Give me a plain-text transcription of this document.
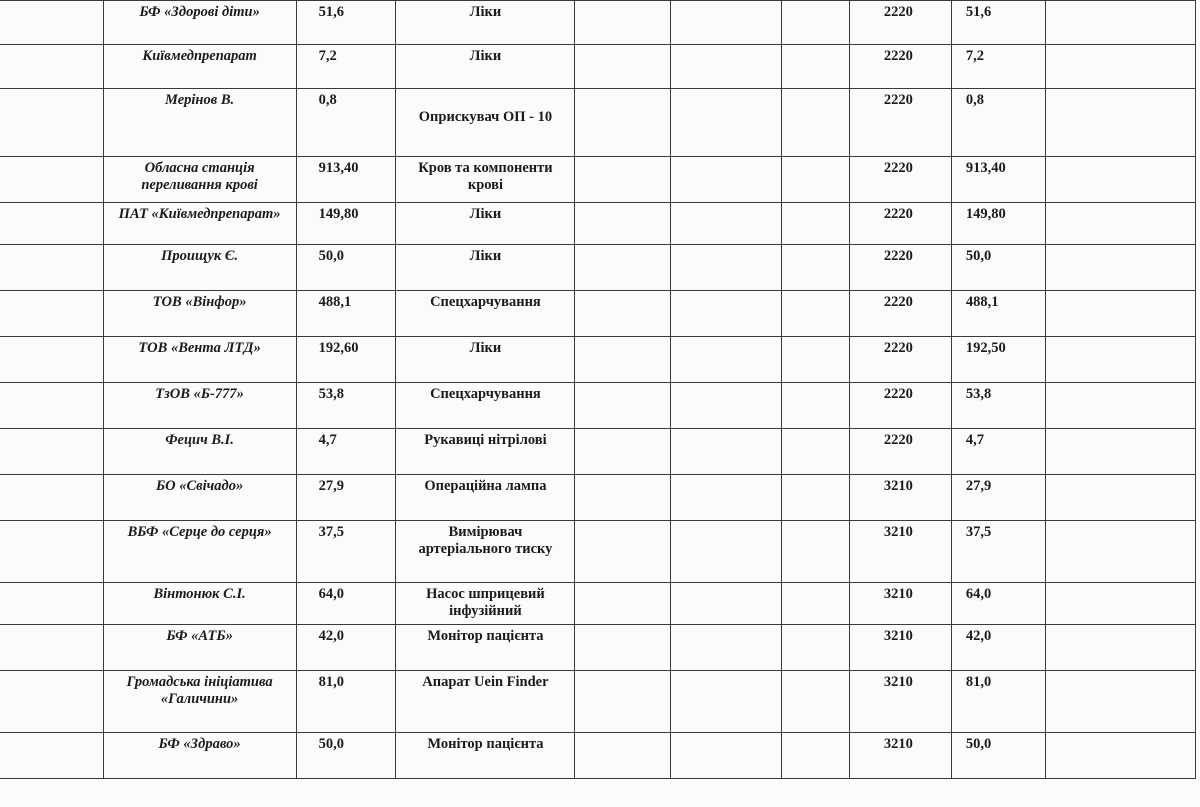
	БФ «Здорові діти»	51,6	Ліки				2220	51,6	
	Київмедпрепарат	7,2	Ліки				2220	7,2	
	Мерінов В.	0,8	Оприскувач ОП - 10				2220	0,8	
	Обласна станція переливання крові	913,40	Кров та компоненти крові				2220	913,40	
	ПАТ «Київмедпрепарат»	149,80	Ліки				2220	149,80	
	Проищук Є.	50,0	Ліки				2220	50,0	
	ТОВ «Вінфор»	488,1	Спецхарчування				2220	488,1	
	ТОВ «Вента ЛТД»	192,60	Ліки				2220	192,50	
	ТзОВ «Б-777»	53,8	Спецхарчування				2220	53,8	
	Фецич В.І.	4,7	Рукавиці нітрілові				2220	4,7	
	БО «Свічадо»	27,9	Операційна лампа				3210	27,9	
	ВБФ «Серце до серця»	37,5	Вимірювач артеріального тиску				3210	37,5	
	Вінтонюк С.І.	64,0	Насос шприцевий інфузійний				3210	64,0	
	БФ «АТБ»	42,0	Монітор пацієнта				3210	42,0	
	Громадська ініціатива «Галичини»	81,0	Апарат Uein Finder				3210	81,0	
	БФ «Здраво»	50,0	Монітор пацієнта				3210	50,0	
